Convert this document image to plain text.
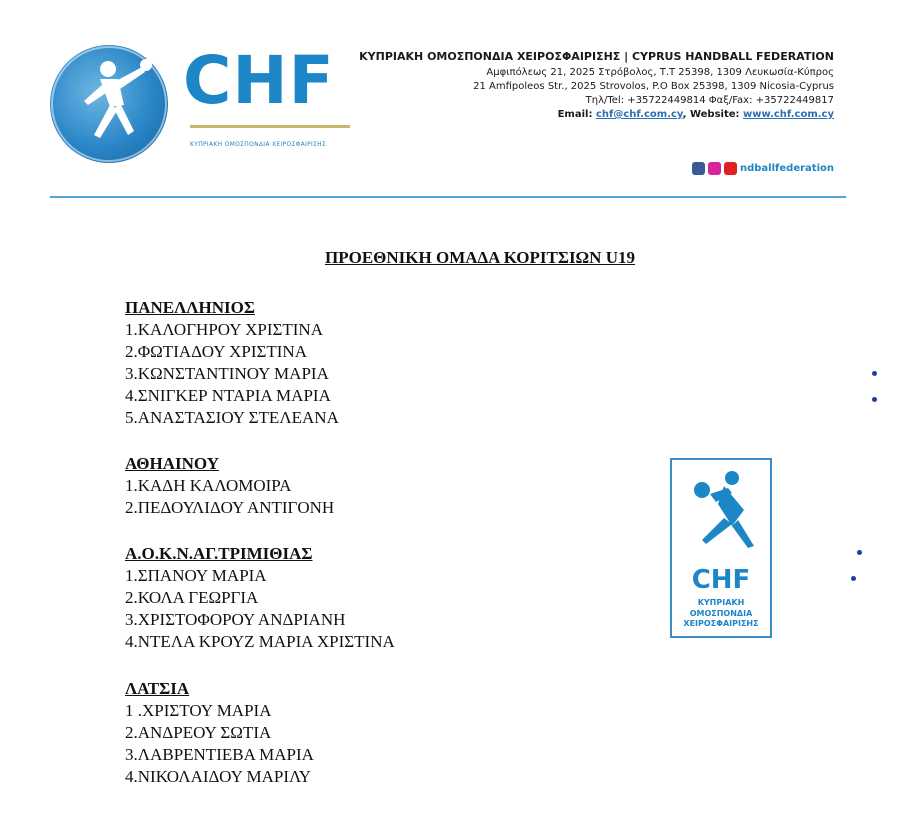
CHF
ΚΥΠΡΙΑΚΗ ΟΜΟΣΠΟΝΔΙΑ ΧΕΙΡΟΣΦΑΙΡΙΣΗΣ
ΚΥΠΡΙΑΚΗ ΟΜΟΣΠΟΝΔΙΑ ΧΕΙΡΟΣΦΑΙΡΙΣΗΣ | CYPRUS HANDBALL FEDERATION
Αμφιπόλεως 21, 2025 Στρόβολος, Τ.Τ 25398, 1309 Λευκωσία-Κύπρος
21 Amfipoleos Str., 2025 Strovolos, P.O Box 25398, 1309 Nicosia-Cyprus
Τηλ/Tel: +35722449814 Φαξ/Fax: +35722449817
Email: chf@chf.com.cy, Website: www.chf.com.cy
ndballfederation
ΠΡΟΕΘΝΙΚΗ ΟΜΑΔΑ ΚΟΡΙΤΣΙΩΝ U19
ΠΑΝΕΛΛΗΝΙΟΣ
1.ΚΑΛΟΓΗΡΟΥ ΧΡΙΣΤΙΝΑ
2.ΦΩΤΙΑΔΟΥ ΧΡΙΣΤΙΝΑ
3.ΚΩΝΣΤΑΝΤΙΝΟΥ ΜΑΡΙΑ
4.ΣΝΙΓΚΕΡ ΝΤΑΡΙΑ ΜΑΡΙΑ
5.ΑΝΑΣΤΑΣΙΟΥ ΣΤΕΛΕΑΝΑ
ΑΘΗΑΙΝΟΥ
1.ΚΑΔΗ ΚΑΛΟΜΟΙΡΑ
2.ΠΕΔΟΥΛΙΔΟΥ ΑΝΤΙΓΟΝΗ
Α.Ο.Κ.Ν.ΑΓ.ΤΡΙΜΙΘΙΑΣ
1.ΣΠΑΝΟΥ ΜΑΡΙΑ
2.ΚΟΛΑ ΓΕΩΡΓΙΑ
3.ΧΡΙΣΤΟΦΟΡΟΥ ΑΝΔΡΙΑΝΗ
4.ΝΤΕΛΑ ΚΡΟΥΖ ΜΑΡΙΑ ΧΡΙΣΤΙΝΑ
ΛΑΤΣΙΑ
1 .ΧΡΙΣΤΟΥ ΜΑΡΙΑ
2.ΑΝΔΡΕΟΥ ΣΩΤΙΑ
3.ΛΑΒΡΕΝΤΙΕΒΑ ΜΑΡΙΑ
4.ΝΙΚΟΛΑΙΔΟΥ ΜΑΡΙΛΥ
CHF
ΚΥΠΡΙΑΚΗ
ΟΜΟΣΠΟΝΔΙΑ
ΧΕΙΡΟΣΦΑΙΡΙΣΗΣ
